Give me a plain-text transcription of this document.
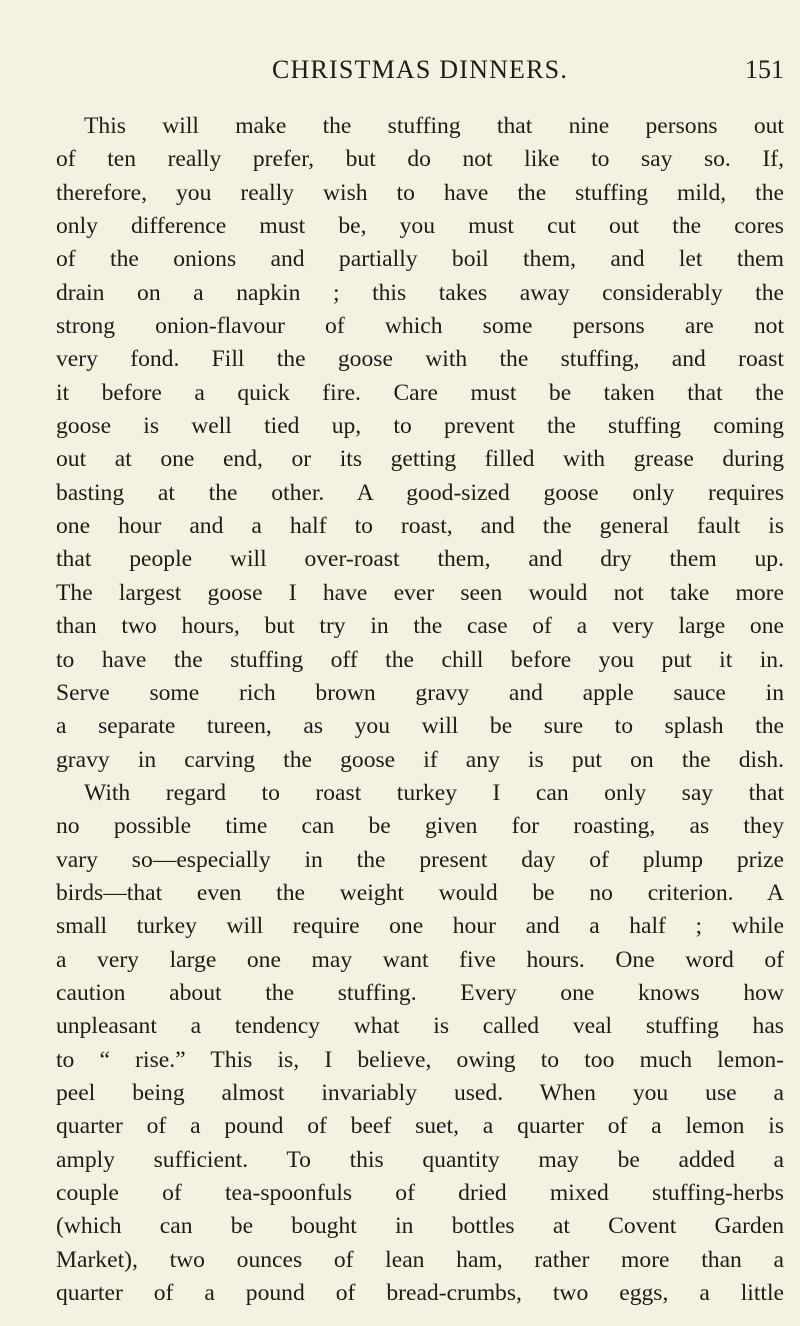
CHRISTMAS DINNERS.	151
This will make the stuffing that nine persons out
of ten really prefer, but do not like to say so. If,
therefore, you really wish to have the stuffing mild, the
only difference must be, you must cut out the cores
of the onions and partially boil them, and let them
drain on a napkin ; this takes away considerably the
strong onion-flavour of which some persons are not
very fond. Fill the goose with the stuffing, and roast
it before a quick fire. Care must be taken that the
goose is well tied up, to prevent the stuffing coming
out at one end, or its getting filled with grease during
basting at the other. A good-sized goose only requires
one hour and a half to roast, and the general fault is
that people will over-roast them, and dry them up.
The largest goose I have ever seen would not take more
than two hours, but try in the case of a very large one
to have the stuffing off the chill before you put it in.
Serve some rich brown gravy and apple sauce in
a separate tureen, as you will be sure to splash the
gravy in carving the goose if any is put on the dish.
With regard to roast turkey I can only say that
no possible time can be given for roasting, as they
vary so—especially in the present day of plump prize
birds—that even the weight would be no criterion. A
small turkey will require one hour and a half ; while
a very large one may want five hours. One word of
caution about the stuffing. Every one knows how
unpleasant a tendency what is called veal stuffing has
to “ rise.” This is, I believe, owing to too much lemon-
peel being almost invariably used. When you use a
quarter of a pound of beef suet, a quarter of a lemon is
amply sufficient. To this quantity may be added a
couple of tea-spoonfuls of dried mixed stuffing-herbs
(which can be bought in bottles at Covent Garden
Market), two ounces of lean ham, rather more than a
quarter of a pound of bread-crumbs, two eggs, a little
